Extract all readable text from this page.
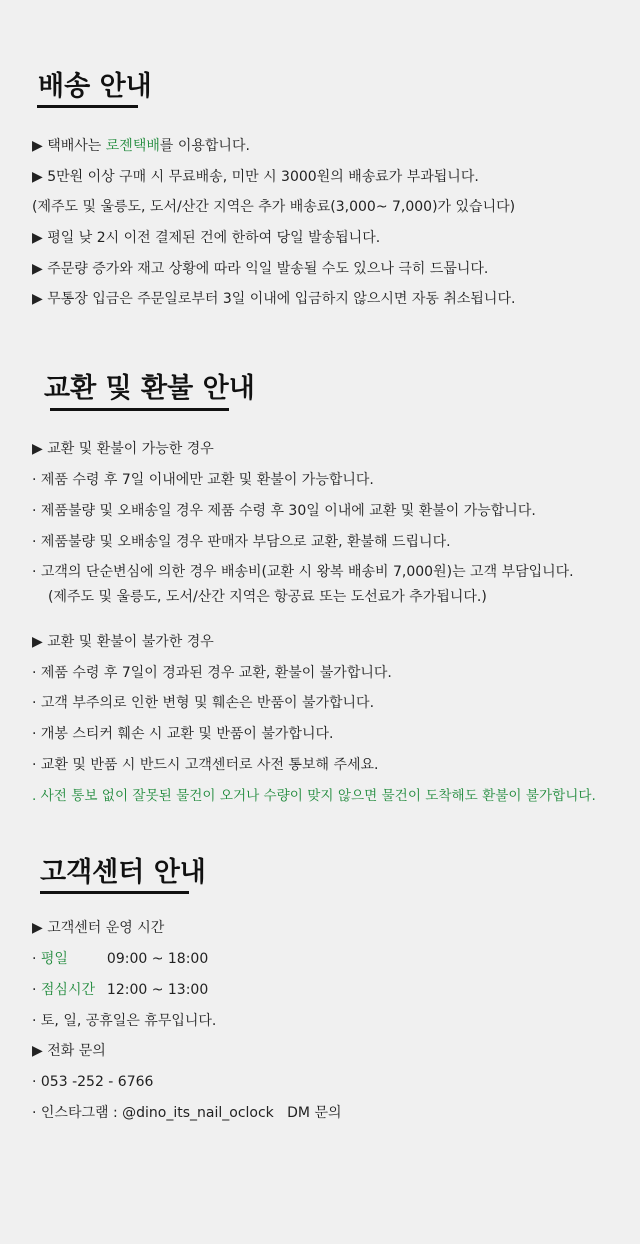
배송 안내

▶ 택배사는 로젠택배를 이용합니다.

▶ 5만원 이상 구매 시 무료배송, 미만 시 3000원의 배송료가 부과됩니다.

(제주도 및 울릉도, 도서/산간 지역은 추가 배송료(3,000~ 7,000)가 있습니다)

▶ 평일 낮 2시 이전 결제된 건에 한하여 당일 발송됩니다.

▶ 주문량 증가와 재고 상황에 따라 익일 발송될 수도 있으나 극히 드뭅니다.

▶ 무통장 입금은 주문일로부터 3일 이내에 입금하지 않으시면 자동 취소됩니다.

교환 및 환불 안내

▶ 교환 및 환불이 가능한 경우

· 제품 수령 후 7일 이내에만 교환 및 환불이 가능합니다.

· 제품불량 및 오배송일 경우 제품 수령 후 30일 이내에 교환 및 환불이 가능합니다.

· 제품불량 및 오배송일 경우 판매자 부담으로 교환, 환불해 드립니다.

· 고객의 단순변심에 의한 경우 배송비(교환 시 왕복 배송비 7,000원)는 고객 부담입니다.

(제주도 및 울릉도, 도서/산간 지역은 항공료 또는 도선료가 추가됩니다.)

▶ 교환 및 환불이 불가한 경우

· 제품 수령 후 7일이 경과된 경우 교환, 환불이 불가합니다.

· 고객 부주의로 인한 변형 및 훼손은 반품이 불가합니다.

· 개봉 스티커 훼손 시 교환 및 반품이 불가합니다.

· 교환 및 반품 시 반드시 고객센터로 사전 통보해 주세요.

. 사전 통보 없이 잘못된 물건이 오거나 수량이 맞지 않으면 물건이 도착해도 환불이 불가합니다.

고객센터 안내

▶ 고객센터 운영 시간

· 평일	09:00 ~ 18:00

· 점심시간 12:00 ~ 13:00

· 토, 일, 공휴일은 휴무입니다.

▶ 전화 문의

· 053 -252 - 6766

· 인스타그램 : @dino_its_nail_oclock   DM 문의
